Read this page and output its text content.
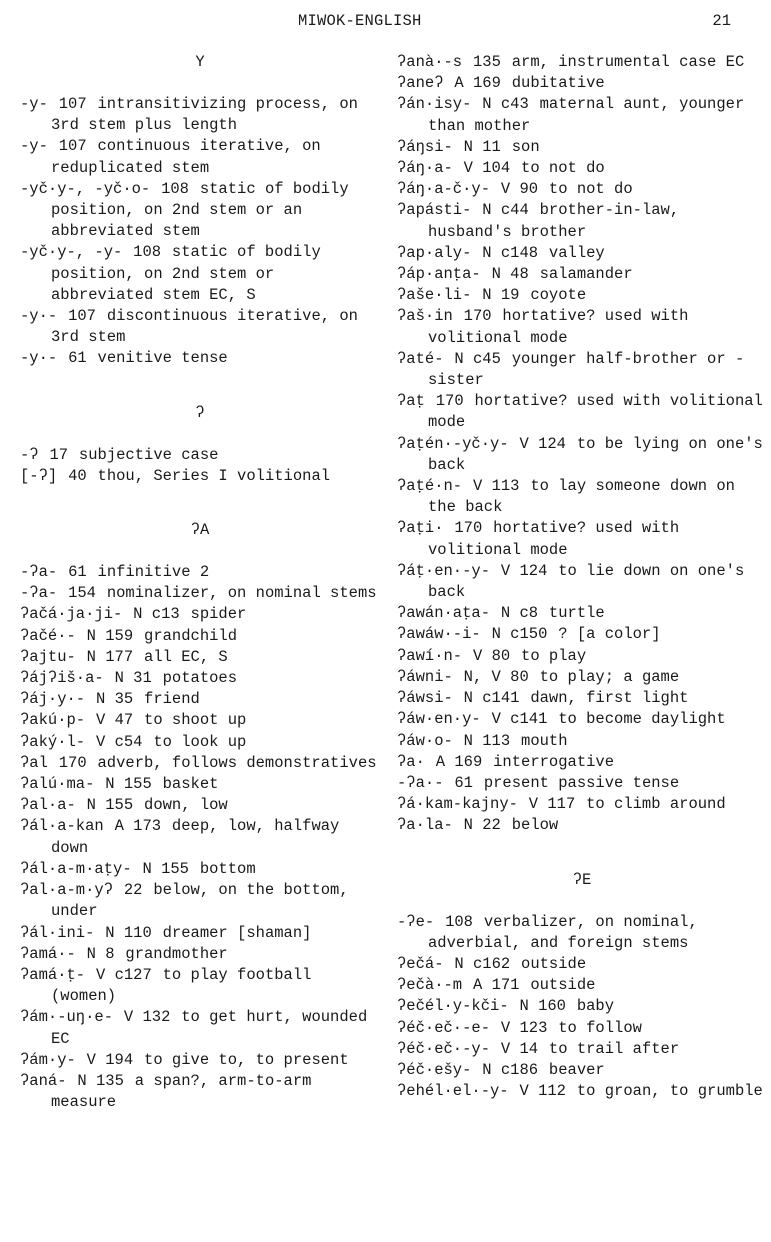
MIWOK-ENGLISH	21
Y

-y- 107 intransitivizing process, on 3rd stem plus length

-y- 107 continuous iterative, on reduplicated stem

-yč·y-, -yč·o- 108 static of bodily position, on 2nd stem or an abbreviated stem

-yč·y-, -y- 108 static of bodily position, on 2nd stem or abbreviated stem EC, S

-y·- 107 discontinuous iterative, on 3rd stem

-y·- 61 venitive tense

ʔ

-ʔ 17 subjective case

[-ʔ] 40 thou, Series I volitional

ʔA

-ʔa- 61 infinitive 2

-ʔa- 154 nominalizer, on nominal stems

ʔačá·ja·ji- N c13 spider

ʔačé·- N 159 grandchild

ʔajtu- N 177 all EC, S

ʔájʔiš·a- N 31 potatoes

ʔáj·y·- N 35 friend

ʔakú·p- V 47 to shoot up

ʔaký·l- V c54 to look up

ʔal 170 adverb, follows demonstratives

ʔalú·ma- N 155 basket

ʔal·a- N 155 down, low

ʔál·a-kan A 173 deep, low, halfway down

ʔál·a-m·aṭy- N 155 bottom

ʔal·a-m·yʔ 22 below, on the bottom, under

ʔál·ini- N 110 dreamer [shaman]

ʔamá·- N 8 grandmother

ʔamá·ṭ- V c127 to play football (women)

ʔám·-uŋ·e- V 132 to get hurt, wounded EC

ʔám·y- V 194 to give to, to present

ʔaná- N 135 a span?, arm-to-arm measure

ʔanà·-s 135 arm, instrumental case EC

ʔaneʔ A 169 dubitative

ʔán·isy- N c43 maternal aunt, younger than mother

ʔáŋsi- N 11 son

ʔáŋ·a- V 104 to not do

ʔáŋ·a-č·y- V 90 to not do

ʔapásti- N c44 brother-in-law, husband's brother

ʔap·aly- N c148 valley

ʔáp·anṭa- N 48 salamander

ʔaše·li- N 19 coyote

ʔaš·in 170 hortative? used with volitional mode

ʔaté- N c45 younger half-brother or -sister

ʔaṭ 170 hortative? used with volitional mode

ʔaṭén·-yč·y- V 124 to be lying on one's back

ʔaṭé·n- V 113 to lay someone down on the back

ʔaṭi· 170 hortative? used with volitional mode

ʔáṭ·en·-y- V 124 to lie down on one's back

ʔawán·aṭa- N c8 turtle

ʔawáw·-i- N c150 ? [a color]

ʔawí·n- V 80 to play

ʔáwni- N, V 80 to play; a game

ʔáwsi- N c141 dawn, first light

ʔáw·en·y- V c141 to become daylight

ʔáw·o- N 113 mouth

ʔa· A 169 interrogative

-ʔa·- 61 present passive tense

ʔá·kam-kajny- V 117 to climb around

ʔa·la- N 22 below

ʔE

-ʔe- 108 verbalizer, on nominal, adverbial, and foreign stems

ʔečá- N c162 outside

ʔečà·-m A 171 outside

ʔečél·y-kči- N 160 baby

ʔéč·eč·-e- V 123 to follow

ʔéč·eč·-y- V 14 to trail after

ʔéč·ešy- N c186 beaver

ʔehél·el·-y- V 112 to groan, to grumble
